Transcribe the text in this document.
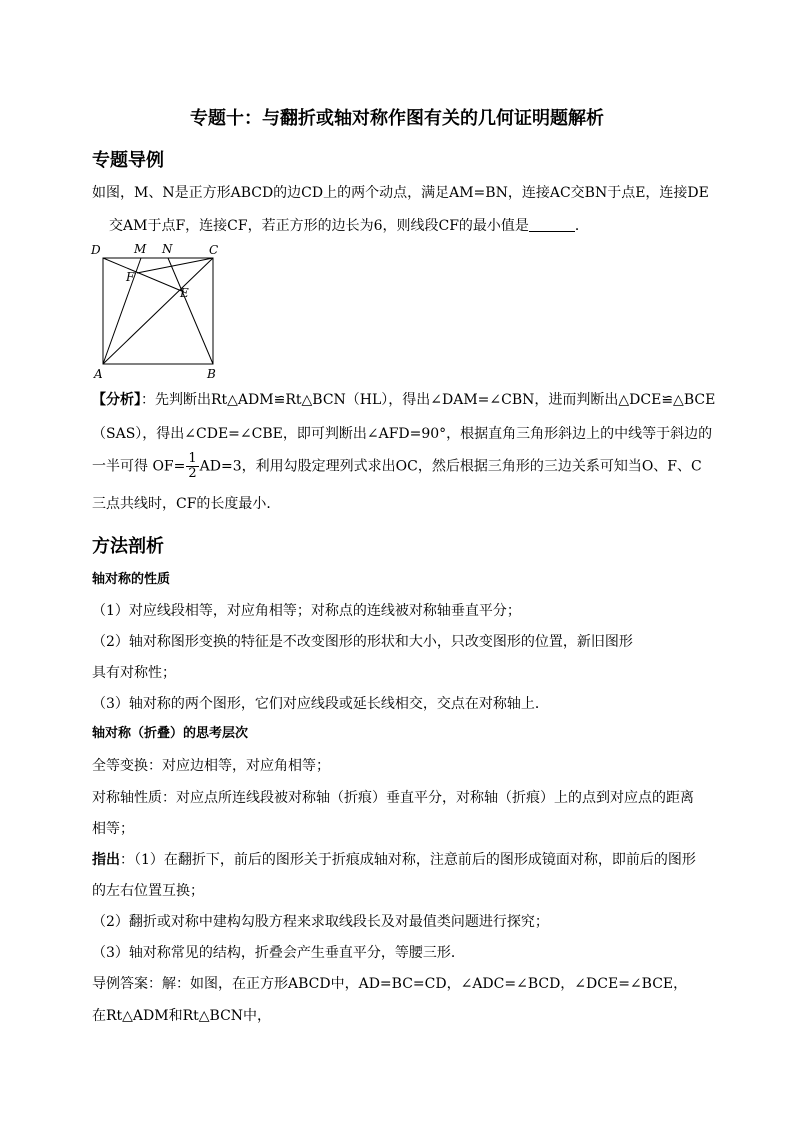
专题十：与翻折或轴对称作图有关的几何证明题解析
专题导例
如图，M、N是正方形ABCD的边CD上的两个动点，满足AM=BN，连接AC交BN于点E，连接DE
交AM于点F，连接CF，若正方形的边长为6，则线段CF的最小值是	．
D	M N	C
F
E
A	B
【分析】：先判断出Rt△ADM≌Rt△BCN（HL），得出∠DAM=∠CBN，进而判断出△DCE≌△BCE
（SAS），得出∠CDE=∠CBE，即可判断出∠AFD=90°，根据直角三角形斜边上的中线等于斜边的
一半可得 $OF= \frac{1}{2} AD=3$，利用勾股定理列式求出OC，然后根据三角形的三边关系可知当O、F、C
三点共线时，CF的长度最小．
方法剖析
轴对称的性质
（1）对应线段相等，对应角相等；对称点的连线被对称轴垂直平分；
（2）轴对称图形变换的特征是不改变图形的形状和大小，只改变图形的位置，新旧图形
具有对称性；
（3）轴对称的两个图形，它们对应线段或延长线相交，交点在对称轴上．
轴对称（折叠）的思考层次
全等变换：对应边相等，对应角相等；
对称轴性质：对应点所连线段被对称轴（折痕）垂直平分，对称轴（折痕）上的点到对应点的距离
相等；
指出：（1）在翻折下，前后的图形关于折痕成轴对称，注意前后的图形成镜面对称，即前后的图形
的左右位置互换；
（2）翻折或对称中建构勾股方程来求取线段长及对最值类问题进行探究；
（3）轴对称常见的结构，折叠会产生垂直平分，等腰三形．
导例答案：解：如图，在正方形ABCD中，AD=BC=CD，∠ADC=∠BCD，∠DCE=∠BCE，
在Rt△ADM和Rt△BCN中，
